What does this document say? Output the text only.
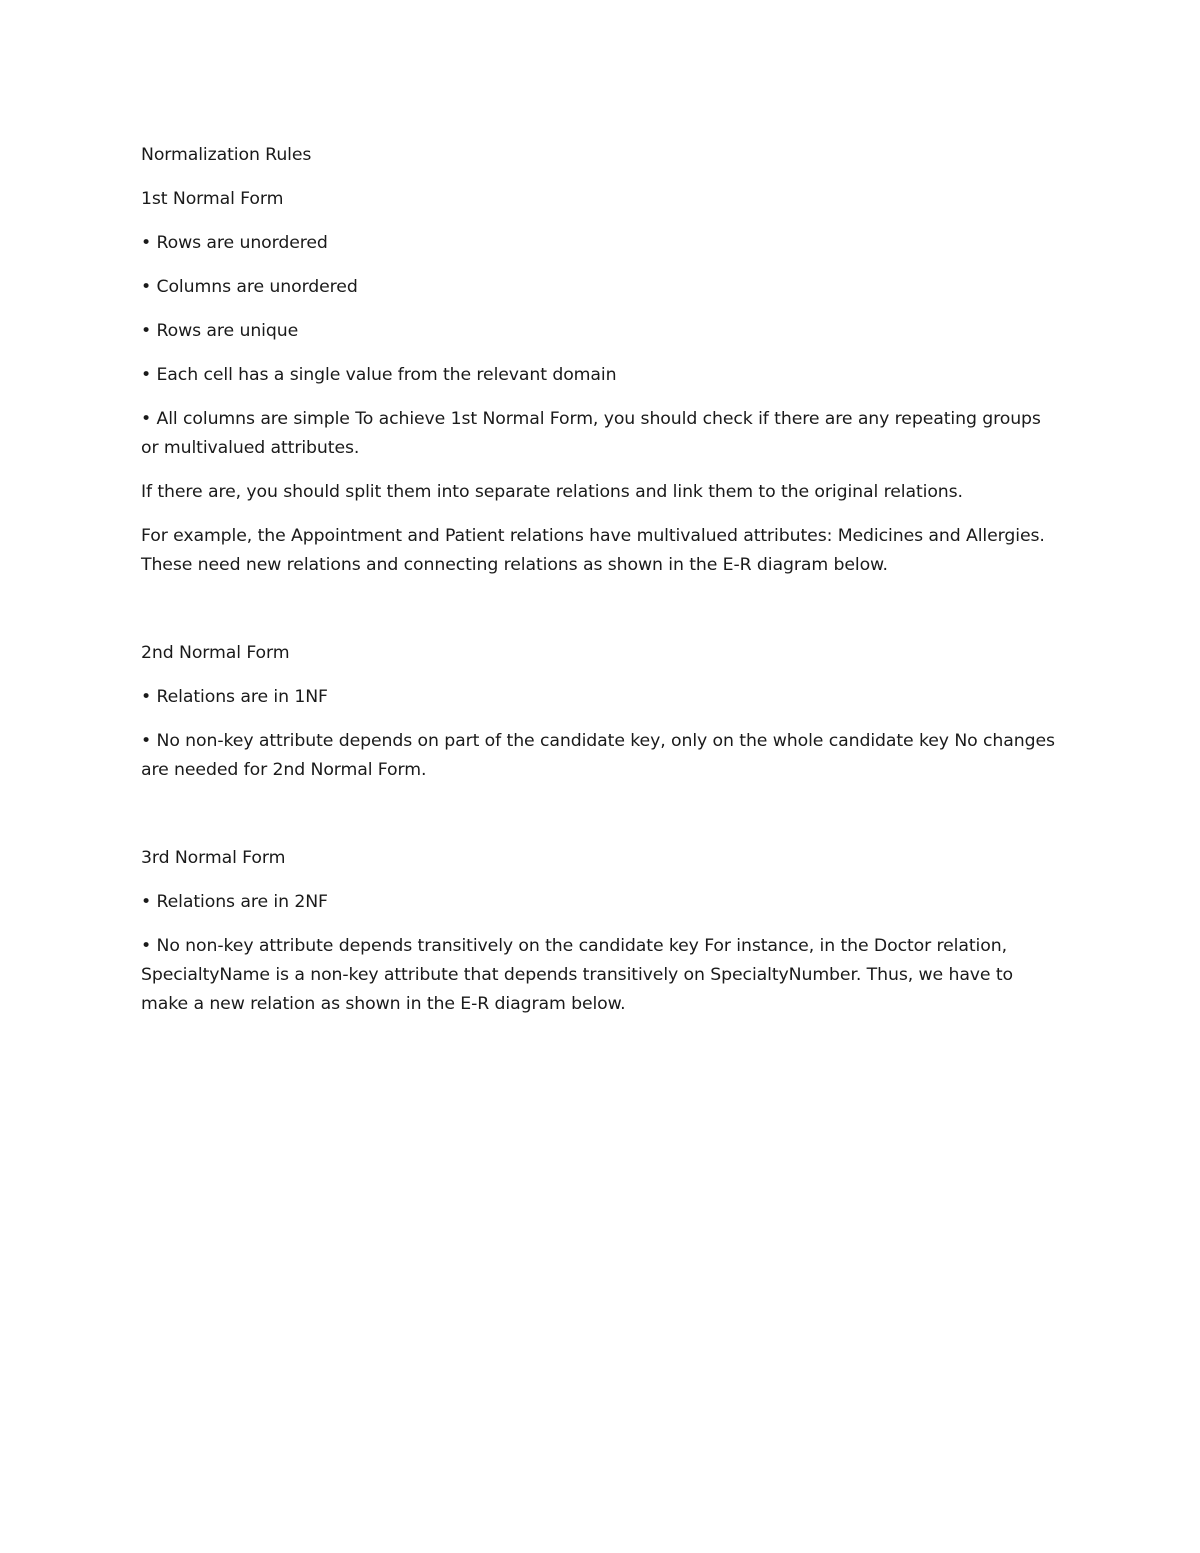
Normalization Rules

1st Normal Form

• Rows are unordered

• Columns are unordered

• Rows are unique

• Each cell has a single value from the relevant domain

• All columns are simple To achieve 1st Normal Form, you should check if there are any repeating groups or multivalued attributes.

If there are, you should split them into separate relations and link them to the original relations.

For example, the Appointment and Patient relations have multivalued attributes: Medicines and Allergies. These need new relations and connecting relations as shown in the E-R diagram below.

2nd Normal Form

• Relations are in 1NF

• No non-key attribute depends on part of the candidate key, only on the whole candidate key No changes are needed for 2nd Normal Form.

3rd Normal Form

• Relations are in 2NF

• No non-key attribute depends transitively on the candidate key For instance, in the Doctor relation, SpecialtyName is a non-key attribute that depends transitively on SpecialtyNumber. Thus, we have to make a new relation as shown in the E-R diagram below.
